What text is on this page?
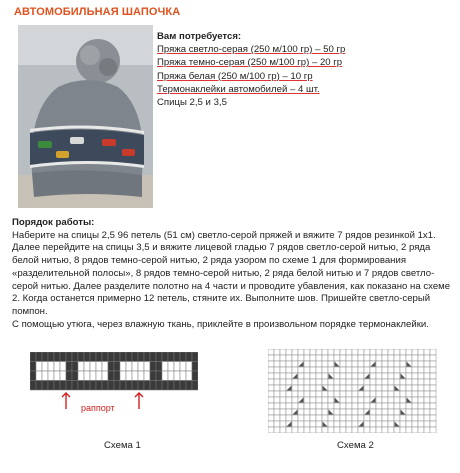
АВТОМОБИЛЬНАЯ ШАПОЧКА
Вам потребуется:
Пряжа светло-серая (250 м/100 гр) – 50 гр
Пряжа темно-серая (250 м/100 гр) – 20 гр
Пряжа белая (250 м/100 гр) – 10 гр
Термонаклейки автомобилей – 4 шт.
Спицы 2,5 и 3,5
Порядок работы:
Наберите на спицы 2,5 96 петель (51 см) светло-серой пряжей и вяжите 7 рядов резинкой 1х1.
Далее перейдите на спицы 3,5 и вяжите лицевой гладью 7 рядов светло-серой нитью, 2 ряда
белой нитью, 8 рядов темно-серой нитью, 2 ряда узором по схеме 1 для формирования
«разделительной полосы», 8 рядов темно-серой нитью, 2 ряда белой нитью и 7 рядов светло-
серой нитью. Далее разделите полотно на 4 части и проводите убавления, как показано на схеме
2. Когда останется примерно 12 петель, стяните их. Выполните шов. Пришейте светло-серый
помпон.
С помощью утюга, через влажную ткань, приклейте в произвольном порядке термонаклейки.
раппорт
Схема 1	Схема 2
